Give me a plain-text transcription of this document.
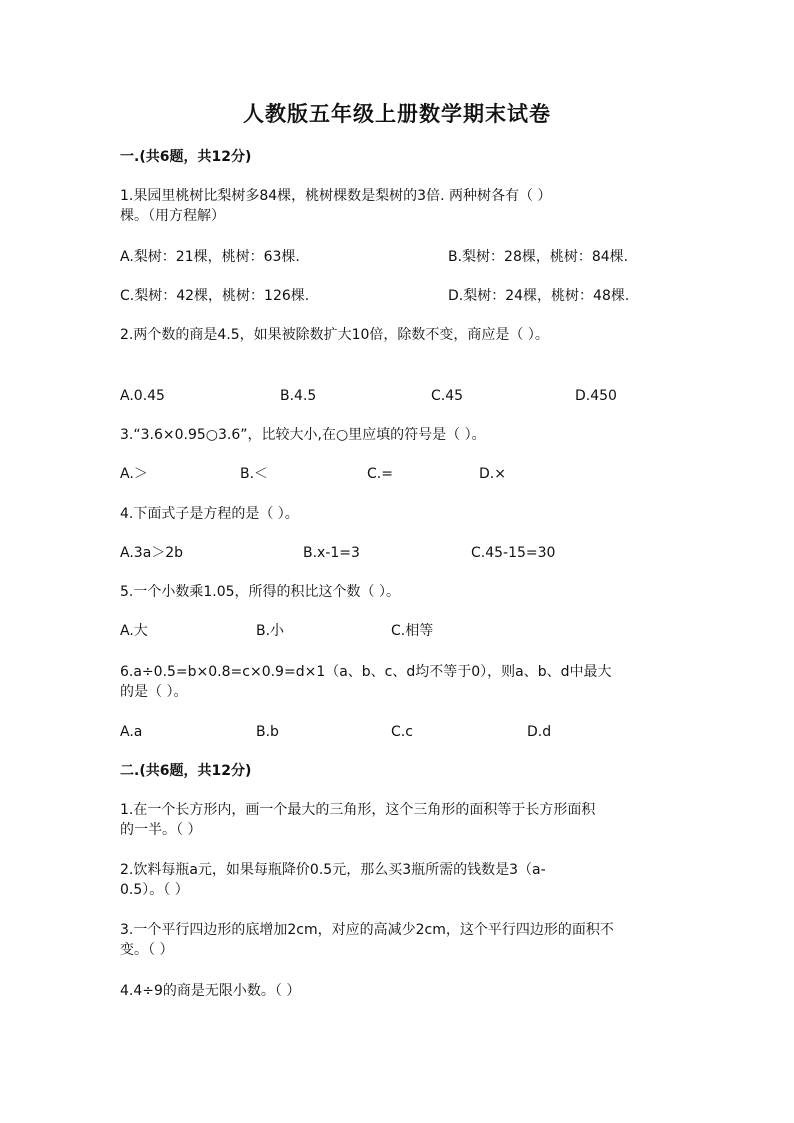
人教版五年级上册数学期末试卷
一.(共6题，共12分)
1.果园里桃树比梨树多84棵，桃树棵数是梨树的3倍. 两种树各有（ ）
棵。（用方程解）
A.梨树：21棵，桃树：63棵.	B.梨树：28棵，桃树：84棵.
C.梨树：42棵，桃树：126棵.	D.梨树：24棵，桃树：48棵.
2.两个数的商是4.5，如果被除数扩大10倍，除数不变，商应是（ ）。
A.0.45	B.4.5	C.45	D.450
3.“3.6×0.95○3.6”，比较大小,在○里应填的符号是（ ）。
A.＞	B.＜	C.=	D.×
4.下面式子是方程的是（ ）。
A.3a＞2b	B.x-1=3	C.45-15=30
5.一个小数乘1.05，所得的积比这个数（ ）。
A.大	B.小	C.相等
6.a÷0.5=b×0.8=c×0.9=d×1（a、b、c、d均不等于0），则a、b、d中最大
的是（ ）。
A.a	B.b	C.c	D.d
二.(共6题，共12分)
1.在一个长方形内，画一个最大的三角形，这个三角形的面积等于长方形面积
的一半。（ ）
2.饮料每瓶a元，如果每瓶降价0.5元，那么买3瓶所需的钱数是3（a-
0.5）。（ ）
3.一个平行四边形的底增加2cm，对应的高减少2cm，这个平行四边形的面积不
变。（ ）
4.4÷9的商是无限小数。（ ）
